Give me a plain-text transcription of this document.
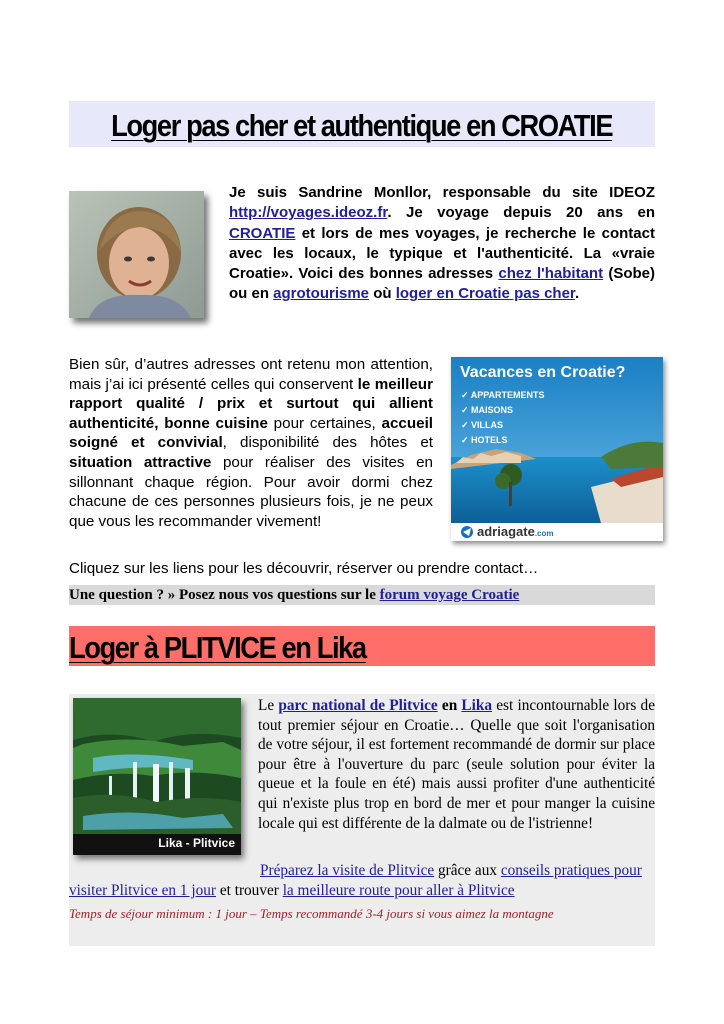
Loger pas cher et authentique en CROATIE
Je suis Sandrine Monllor, responsable du site IDEOZ http://voyages.ideoz.fr. Je voyage depuis 20 ans en CROATIE et lors de mes voyages, je recherche le contact avec les locaux, le typique et l'authenticité. La «vraie Croatie». Voici des bonnes adresses chez l'habitant (Sobe) ou en agrotourisme où loger en Croatie pas cher.
Bien sûr, d’autres adresses ont retenu mon attention, mais j’ai ici présenté celles qui conservent le meilleur rapport qualité / prix et surtout qui allient authenticité, bonne cuisine pour certaines, accueil soigné et convivial, disponibilité des hôtes et situation attractive pour réaliser des visites en sillonnant chaque région. Pour avoir dormi chez chacune de ces personnes plusieurs fois, je ne peux que vous les recommander vivement!
Vacances en Croatie?
✓ APPARTEMENTS
✓ MAISONS
✓ VILLAS
✓ HOTELS
adriagate.com
Cliquez sur les liens pour les découvrir, réserver ou prendre contact…
Une question ? » Posez nous vos questions sur le forum voyage Croatie
Loger à PLITVICE en Lika
Lika - Plitvice
Le parc national de Plitvice en Lika est incontournable lors de tout premier séjour en Croatie… Quelle que soit l'organisation de votre séjour, il est fortement recommandé de dormir sur place pour être à l'ouverture du parc (seule solution pour éviter la queue et la foule en été) mais aussi profiter d'une authenticité qui n'existe plus trop en bord de mer et pour manger la cuisine locale qui est différente de la dalmate ou de l'istrienne!
Préparez la visite de Plitvice grâce aux conseils pratiques pour visiter Plitvice en 1 jour et trouver la meilleure route pour aller à Plitvice
Temps de séjour minimum : 1 jour – Temps recommandé 3-4 jours si vous aimez la montagne
